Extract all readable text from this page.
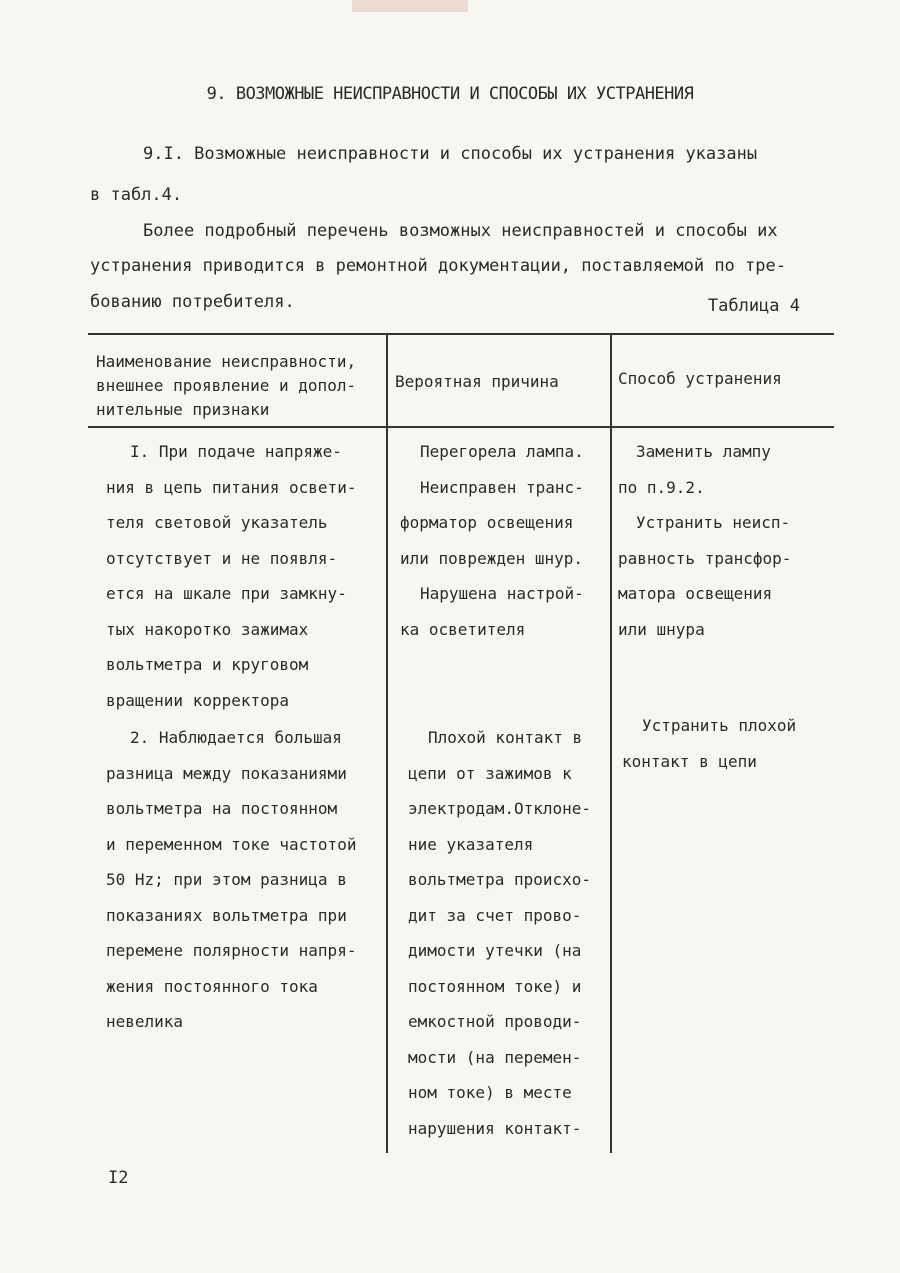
9. ВОЗМОЖНЫЕ НЕИСПРАВНОСТИ И СПОСОБЫ ИХ УСТРАНЕНИЯ
9.I. Возможные неисправности и способы их устранения указаны
в табл.4.
Более подробный перечень возможных неисправностей и способы их
устранения приводится в ремонтной документации, поставляемой по тре-
бованию потребителя.	Таблица 4
Наименование неисправности,
внешнее проявление и допол-
нительные признаки
Вероятная причина	Способ устранения
I. При подаче напряже-
ния в цепь питания освети-
теля световой указатель
отсутствует и не появля-
ется на шкале при замкну-
тых накоротко зажимах
вольтметра и круговом
вращении корректора
Перегорела лампа.
Неисправен транс-
форматор освещения
или поврежден шнур.
Нарушена настрой-
ка осветителя
Заменить лампу
по п.9.2.
Устранить неисп-
равность трансфор-
матора освещения
или шнура
2. Наблюдается большая
разница между показаниями
вольтметра на постоянном
и переменном токе частотой
50 Hz; при этом разница в
показаниях вольтметра при
перемене полярности напря-
жения постоянного тока
невелика
Плохой контакт в
цепи от зажимов к
электродам.Отклоне-
ние указателя
вольтметра происхо-
дит за счет прово-
димости утечки (на
постоянном токе) и
емкостной проводи-
мости (на перемен-
ном токе) в месте
нарушения контакт-
Устранить плохой
контакт в цепи
I2
